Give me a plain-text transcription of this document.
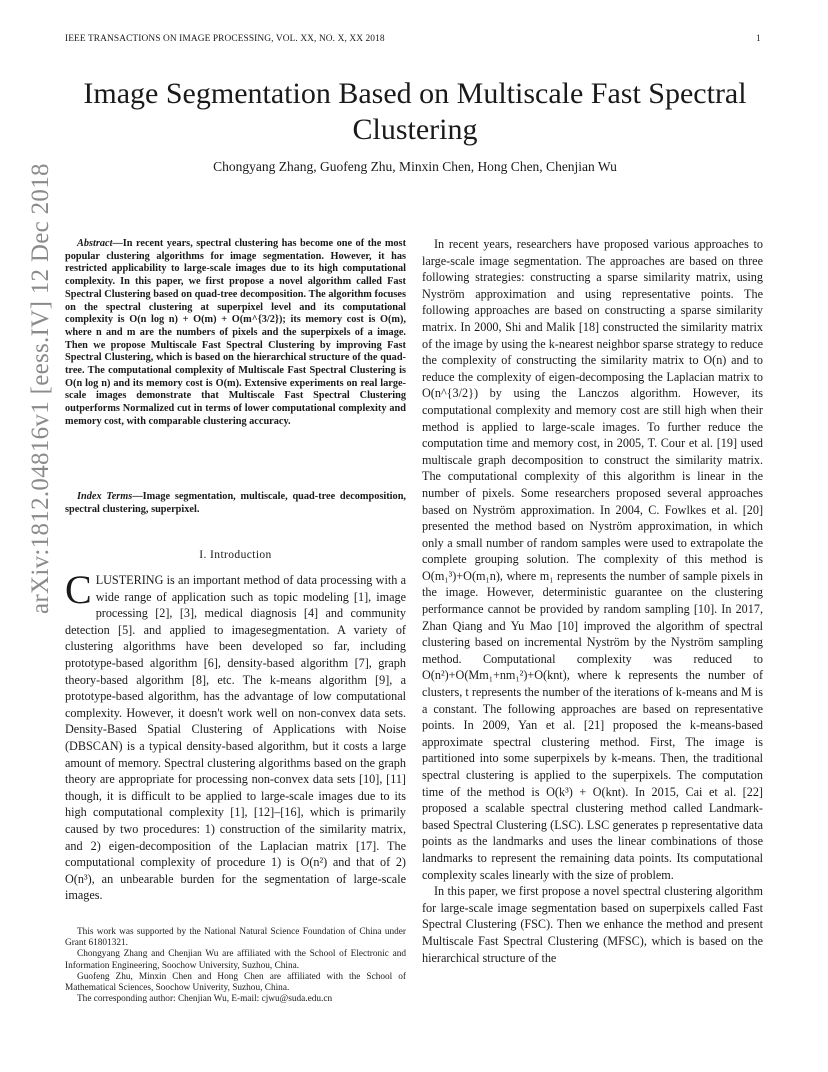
IEEE TRANSACTIONS ON IMAGE PROCESSING, VOL. XX, NO. X, XX 2018	1
arXiv:1812.04816v1 [eess.IV] 12 Dec 2018
Image Segmentation Based on Multiscale Fast Spectral Clustering
Chongyang Zhang, Guofeng Zhu, Minxin Chen, Hong Chen, Chenjian Wu
Abstract—In recent years, spectral clustering has become one of the most popular clustering algorithms for image segmentation. However, it has restricted applicability to large-scale images due to its high computational complexity. In this paper, we first propose a novel algorithm called Fast Spectral Clustering based on quad-tree decomposition. The algorithm focuses on the spectral clustering at superpixel level and its computational complexity is O(n log n) + O(m) + O(m^{3/2}); its memory cost is O(m), where n and m are the numbers of pixels and the superpixels of a image. Then we propose Multiscale Fast Spectral Clustering by improving Fast Spectral Clustering, which is based on the hierarchical structure of the quad-tree. The computational complexity of Multiscale Fast Spectral Clustering is O(n log n) and its memory cost is O(m). Extensive experiments on real large-scale images demonstrate that Multiscale Fast Spectral Clustering outperforms Normalized cut in terms of lower computational complexity and memory cost, with comparable clustering accuracy.
Index Terms—Image segmentation, multiscale, quad-tree decomposition, spectral clustering, superpixel.
I. Introduction

CLUSTERING is an important method of data processing with a wide range of application such as topic modeling [1], image processing [2], [3], medical diagnosis [4] and community detection [5]. and applied to imagesegmentation. A variety of clustering algorithms have been developed so far, including prototype-based algorithm [6], density-based algorithm [7], graph theory-based algorithm [8], etc. The k-means algorithm [9], a prototype-based algorithm, has the advantage of low computational complexity. However, it doesn't work well on non-convex data sets. Density-Based Spatial Clustering of Applications with Noise (DBSCAN) is a typical density-based algorithm, but it costs a large amount of memory. Spectral clustering algorithms based on the graph theory are appropriate for processing non-convex data sets [10], [11] though, it is difficult to be applied to large-scale images due to its high computational complexity [1], [12]–[16], which is primarily caused by two procedures: 1) construction of the similarity matrix, and 2) eigen-decomposition of the Laplacian matrix [17]. The computational complexity of procedure 1) is O(n²) and that of 2) O(n³), an unbearable burden for the segmentation of large-scale images.

This work was supported by the National Natural Science Foundation of China under Grant 61801321.

Chongyang Zhang and Chenjian Wu are affiliated with the School of Electronic and Information Engineering, Soochow University, Suzhou, China.

Guofeng Zhu, Minxin Chen and Hong Chen are affiliated with the School of Mathematical Sciences, Soochow Univerity, Suzhou, China.

The corresponding author: Chenjian Wu, E-mail: cjwu@suda.edu.cn

In recent years, researchers have proposed various approaches to large-scale image segmentation. The approaches are based on three following strategies: constructing a sparse similarity matrix, using Nyström approximation and using representative points. The following approaches are based on constructing a sparse similarity matrix. In 2000, Shi and Malik [18] constructed the similarity matrix of the image by using the k-nearest neighbor sparse strategy to reduce the complexity of constructing the similarity matrix to O(n) and to reduce the complexity of eigen-decomposing the Laplacian matrix to O(n^{3/2}) by using the Lanczos algorithm. However, its computational complexity and memory cost are still high when their method is applied to large-scale images. To further reduce the computation time and memory cost, in 2005, T. Cour et al. [19] used multiscale graph decomposition to construct the similarity matrix. The computational complexity of this algorithm is linear in the number of pixels. Some researchers proposed several approaches based on Nyström approximation. In 2004, C. Fowlkes et al. [20] presented the method based on Nyström approximation, in which only a small number of random samples were used to extrapolate the complete grouping solution. The complexity of this method is O(m₁³)+O(m₁n), where m₁ represents the number of sample pixels in the image. However, deterministic guarantee on the clustering performance cannot be provided by random sampling [10]. In 2017, Zhan Qiang and Yu Mao [10] improved the algorithm of spectral clustering based on incremental Nyström by the Nyström sampling method. Computational complexity was reduced to O(n²)+O(Mm₁+nm₁²)+O(knt), where k represents the number of clusters, t represents the number of the iterations of k-means and M is a constant. The following approaches are based on representative points. In 2009, Yan et al. [21] proposed the k-means-based approximate spectral clustering method. First, The image is partitioned into some superpixels by k-means. Then, the traditional spectral clustering is applied to the superpixels. The computation time of the method is O(k³) + O(knt). In 2015, Cai et al. [22] proposed a scalable spectral clustering method called Landmark-based Spectral Clustering (LSC). LSC generates p representative data points as the landmarks and uses the linear combinations of those landmarks to represent the remaining data points. Its computational complexity scales linearly with the size of problem.

In this paper, we first propose a novel spectral clustering algorithm for large-scale image segmentation based on superpixels called Fast Spectral Clustering (FSC). Then we enhance the method and present Multiscale Fast Spectral Clustering (MFSC), which is based on the hierarchical structure of the
